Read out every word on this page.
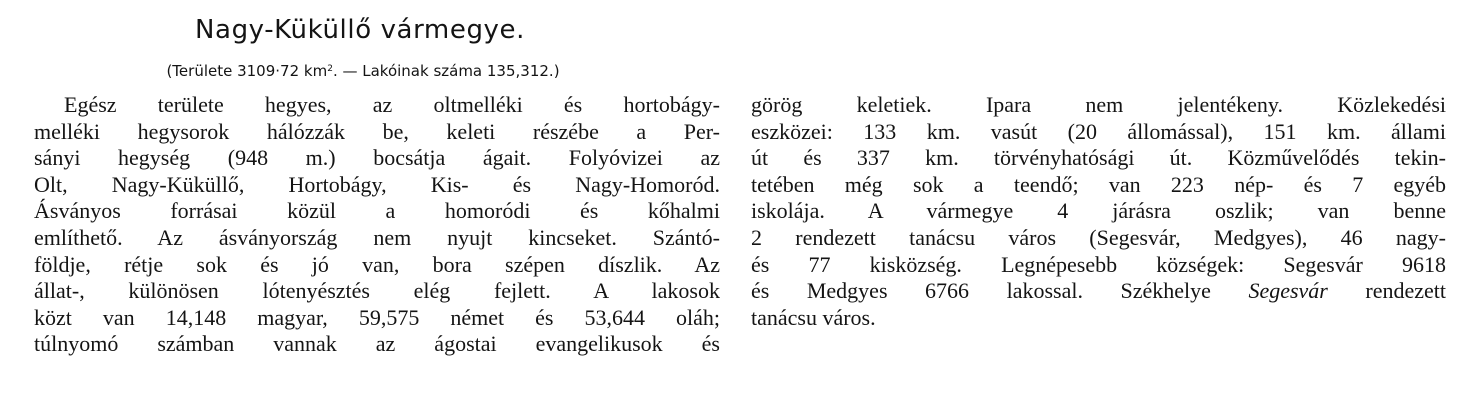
Nagy-Küküllő vármegye.

(Területe 3109·72 $km^2$. — Lakóinak száma 135,312.)

Egész területe hegyes, az oltmelléki és hortobágy-
melléki hegysorok hálózzák be, keleti részébe a Per-
sányi hegység (948 m.) bocsátja ágait. Folyóvizei az
Olt, Nagy-Küküllő, Hortobágy, Kis- és Nagy-Homoród.
Ásványos forrásai közül a homoródi és kőhalmi
említhető. Az ásványország nem nyujt kincseket. Szántó-
földje, rétje sok és jó van, bora szépen díszlik. Az
állat-, különösen lótenyésztés elég fejlett. A lakosok
közt van 14,148 magyar, 59,575 német és 53,644 oláh;
túlnyomó számban vannak az ágostai evangelikusok és
görög keletiek. Ipara nem jelentékeny. Közlekedési
eszközei: 133 km. vasút (20 állomással), 151 km. állami
út és 337 km. törvényhatósági út. Közművelődés tekin-
tetében még sok a teendő; van 223 nép- és 7 egyéb
iskolája. A vármegye 4 járásra oszlik; van benne
2 rendezett tanácsu város (Segesvár, Medgyes), 46 nagy-
és 77 kisközség. Legnépesebb községek: Segesvár 9618
és Medgyes 6766 lakossal. Székhelye Segesvár rendezett
tanácsu város.
